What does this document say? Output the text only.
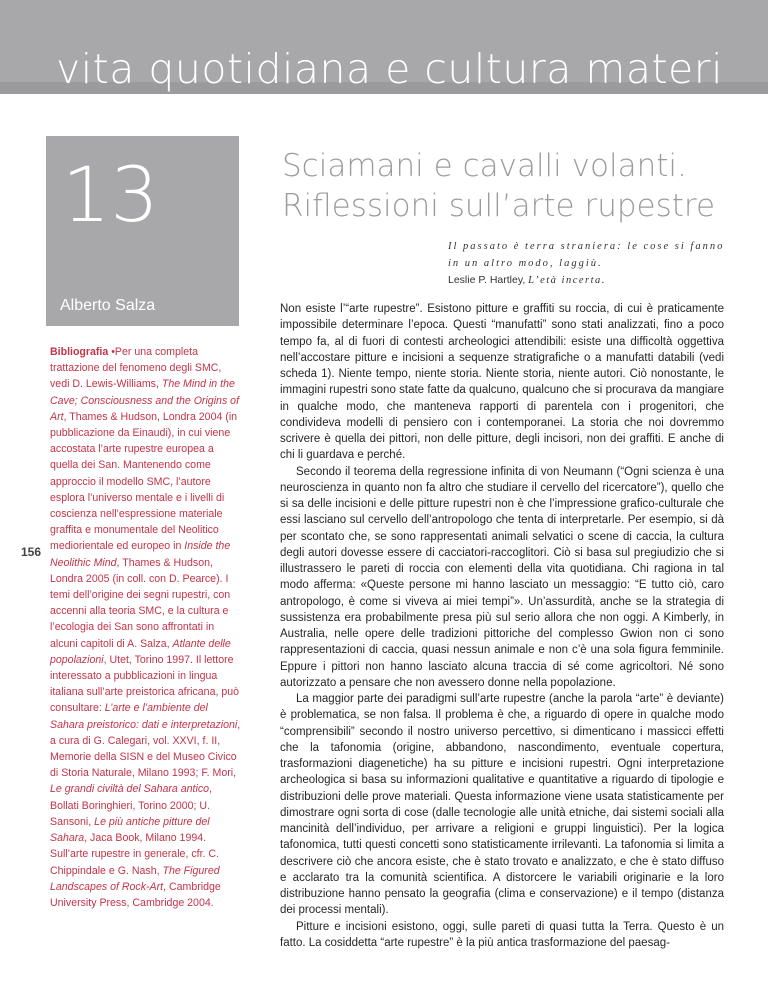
vita quotidiana e cultura materi
13
Alberto Salza
Sciamani e cavalli volanti.
Riflessioni sull’arte rupestre
Il passato è terra straniera: le cose si fanno in un altro modo, laggiù.
Leslie P. Hartley, L’età incerta.
156
Bibliografia •Per una completa trattazione del fenomeno degli SMC, vedi D. Lewis-Williams, The Mind in the Cave; Consciousness and the Origins of Art, Thames & Hudson, Londra 2004 (in pubblicazione da Einaudi), in cui viene accostata l’arte rupestre europea a quella dei San. Mantenendo come approccio il modello SMC, l’autore esplora l’universo mentale e i livelli di coscienza nell’espressione materiale graffita e monumentale del Neolitico mediorientale ed europeo in Inside the Neolithic Mind, Thames & Hudson, Londra 2005 (in coll. con D. Pearce). I temi dell’origine dei segni rupestri, con accenni alla teoria SMC, e la cultura e l’ecologia dei San sono affrontati in alcuni capitoli di A. Salza, Atlante delle popolazioni, Utet, Torino 1997. Il lettore interessato a pubblicazioni in lingua italiana sull’arte preistorica africana, può consultare: L’arte e l’ambiente del Sahara preistorico: dati e interpretazioni, a cura di G. Calegari, vol. XXVI, f. II, Memorie della SISN e del Museo Civico di Storia Naturale, Milano 1993; F. Mori, Le grandi civiltà del Sahara antico, Bollati Boringhieri, Torino 2000; U. Sansoni, Le più antiche pitture del Sahara, Jaca Book, Milano 1994. Sull’arte rupestre in generale, cfr. C. Chippindale e G. Nash, The Figured Landscapes of Rock-Art, Cambridge University Press, Cambridge 2004.

Non esiste l’“arte rupestre”. Esistono pitture e graffiti su roccia, di cui è praticamente impossibile determinare l’epoca. Questi “manufatti” sono stati analizzati, fino a poco tempo fa, al di fuori di contesti archeologici attendibili: esiste una difficoltà oggettiva nell’accostare pitture e incisioni a sequenze stratigrafiche o a manufatti databili (vedi scheda 1). Niente tempo, niente storia. Niente storia, niente autori. Ciò nonostante, le immagini rupestri sono state fatte da qualcuno, qualcuno che si procurava da mangiare in qualche modo, che manteneva rapporti di parentela con i progenitori, che condivideva modelli di pensiero con i contemporanei. La storia che noi dovremmo scrivere è quella dei pittori, non delle pitture, degli incisori, non dei graffiti. E anche di chi li guardava e perché.

Secondo il teorema della regressione infinita di von Neumann (“Ogni scienza è una neuroscienza in quanto non fa altro che studiare il cervello del ricercatore”), quello che si sa delle incisioni e delle pitture rupestri non è che l’impressione grafico-culturale che essi lasciano sul cervello dell’antropologo che tenta di interpretarle. Per esempio, si dà per scontato che, se sono rappresentati animali selvatici o scene di caccia, la cultura degli autori dovesse essere di cacciatori-raccoglitori. Ciò si basa sul pregiudizio che si illustrassero le pareti di roccia con elementi della vita quotidiana. Chi ragiona in tal modo afferma: «Queste persone mi hanno lasciato un messaggio: “E tutto ciò, caro antropologo, è come si viveva ai miei tempi”». Un’assurdità, anche se la strategia di sussistenza era probabilmente presa più sul serio allora che non oggi. A Kimberly, in Australia, nelle opere delle tradizioni pittoriche del complesso Gwion non ci sono rappresentazioni di caccia, quasi nessun animale e non c’è una sola figura femminile. Eppure i pittori non hanno lasciato alcuna traccia di sé come agricoltori. Né sono autorizzato a pensare che non avessero donne nella popolazione.

La maggior parte dei paradigmi sull’arte rupestre (anche la parola “arte” è deviante) è problematica, se non falsa. Il problema è che, a riguardo di opere in qualche modo “comprensibili” secondo il nostro universo percettivo, si dimenticano i massicci effetti che la tafonomia (origine, abbandono, nascondimento, eventuale copertura, trasformazioni diagenetiche) ha su pitture e incisioni rupestri. Ogni interpretazione archeologica si basa su informazioni qualitative e quantitative a riguardo di tipologie e distribuzioni delle prove materiali. Questa informazione viene usata statisticamente per dimostrare ogni sorta di cose (dalle tecnologie alle unità etniche, dai sistemi sociali alla mancinità dell’individuo, per arrivare a religioni e gruppi linguistici). Per la logica tafonomica, tutti questi concetti sono statisticamente irrilevanti. La tafonomia si limita a descrivere ciò che ancora esiste, che è stato trovato e analizzato, e che è stato diffuso e acclarato tra la comunità scientifica. A distorcere le variabili originarie e la loro distribuzione hanno pensato la geografia (clima e conservazione) e il tempo (distanza dei processi mentali).

Pitture e incisioni esistono, oggi, sulle pareti di quasi tutta la Terra. Questo è un fatto. La cosiddetta “arte rupestre” è la più antica trasformazione del paesag-
